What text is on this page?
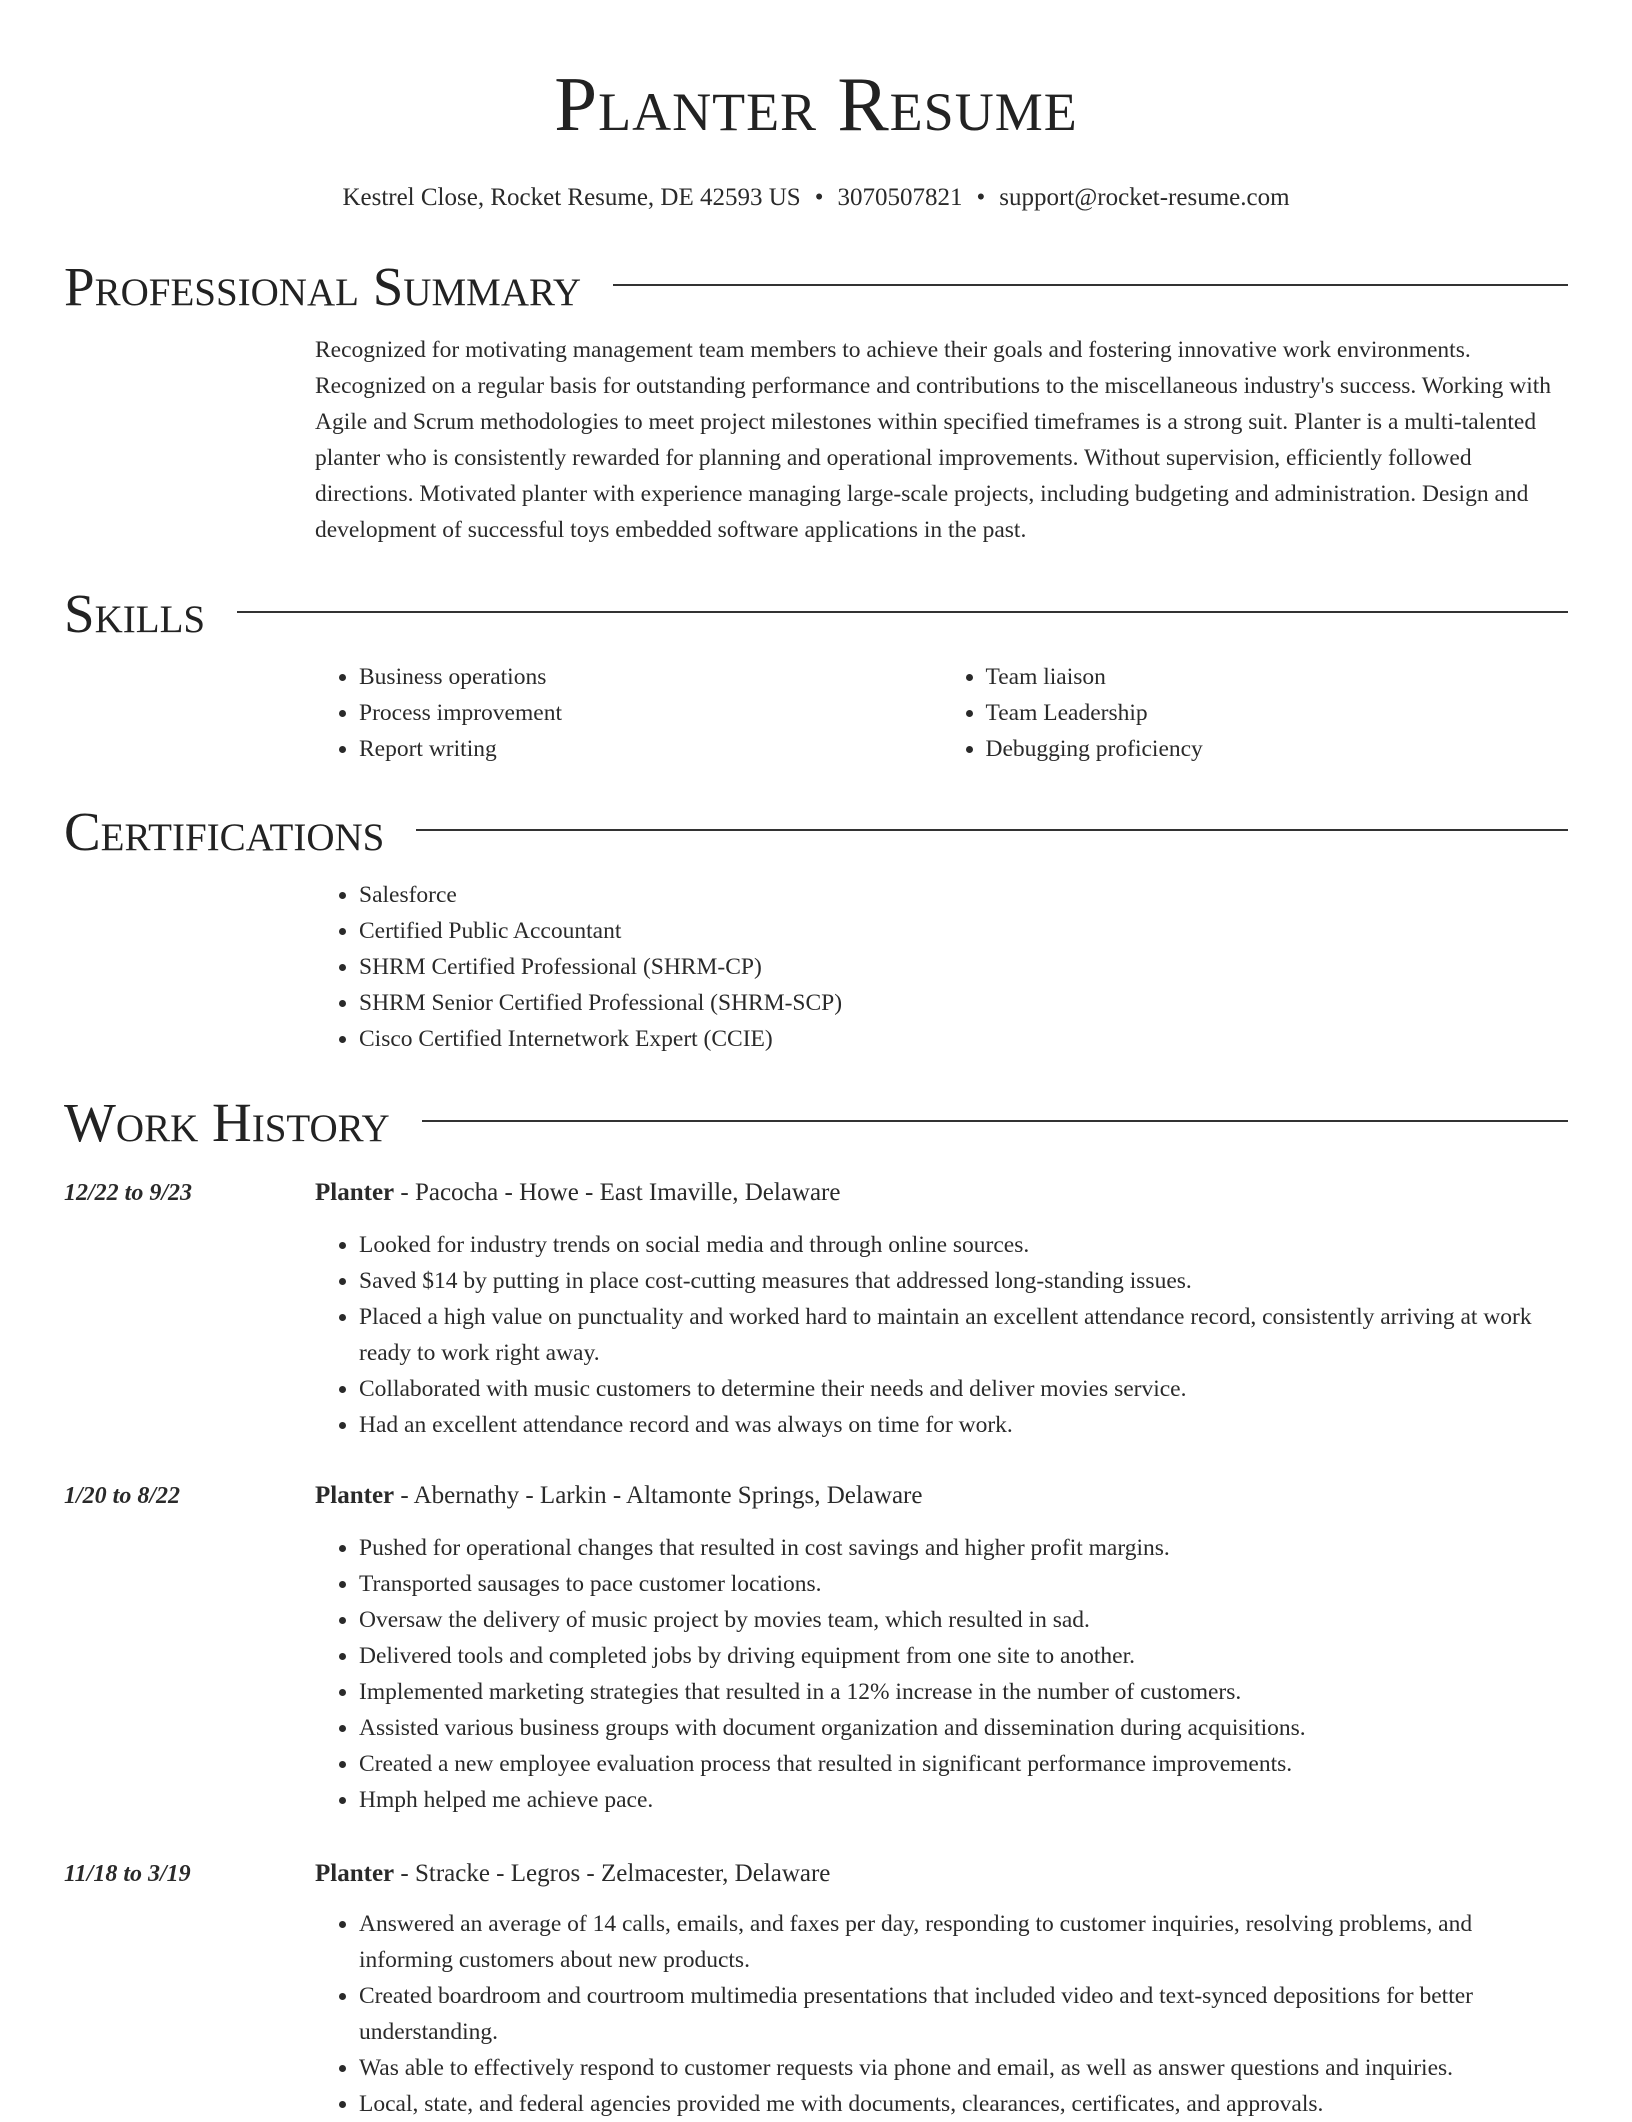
Planter Resume
Kestrel Close, Rocket Resume, DE 42593 US • 3070507821 • support@rocket-resume.com
Professional Summary

Recognized for motivating management team members to achieve their goals and fostering innovative work environments. Recognized on a regular basis for outstanding performance and contributions to the miscellaneous industry's success. Working with Agile and Scrum methodologies to meet project milestones within specified timeframes is a strong suit. Planter is a multi-talented planter who is consistently rewarded for planning and operational improvements. Without supervision, efficiently followed directions. Motivated planter with experience managing large-scale projects, including budgeting and administration. Design and development of successful toys embedded software applications in the past.

Skills
• Business operations
• Process improvement
• Report writing
• Team liaison
• Team Leadership
• Debugging proficiency
Certifications
• Salesforce
• Certified Public Accountant
• SHRM Certified Professional (SHRM-CP)
• SHRM Senior Certified Professional (SHRM-SCP)
• Cisco Certified Internetwork Expert (CCIE)
Work History
12/22 to 9/23	Planter - Pacocha - Howe - East Imaville, Delaware
• Looked for industry trends on social media and through online sources.
• Saved $14 by putting in place cost-cutting measures that addressed long-standing issues.
• Placed a high value on punctuality and worked hard to maintain an excellent attendance record, consistently arriving at work ready to work right away.
• Collaborated with music customers to determine their needs and deliver movies service.
• Had an excellent attendance record and was always on time for work.
1/20 to 8/22	Planter - Abernathy - Larkin - Altamonte Springs, Delaware
• Pushed for operational changes that resulted in cost savings and higher profit margins.
• Transported sausages to pace customer locations.
• Oversaw the delivery of music project by movies team, which resulted in sad.
• Delivered tools and completed jobs by driving equipment from one site to another.
• Implemented marketing strategies that resulted in a 12% increase in the number of customers.
• Assisted various business groups with document organization and dissemination during acquisitions.
• Created a new employee evaluation process that resulted in significant performance improvements.
• Hmph helped me achieve pace.
11/18 to 3/19	Planter - Stracke - Legros - Zelmacester, Delaware
• Answered an average of 14 calls, emails, and faxes per day, responding to customer inquiries, resolving problems, and informing customers about new products.
• Created boardroom and courtroom multimedia presentations that included video and text-synced depositions for better understanding.
• Was able to effectively respond to customer requests via phone and email, as well as answer questions and inquiries.
• Local, state, and federal agencies provided me with documents, clearances, certificates, and approvals.
